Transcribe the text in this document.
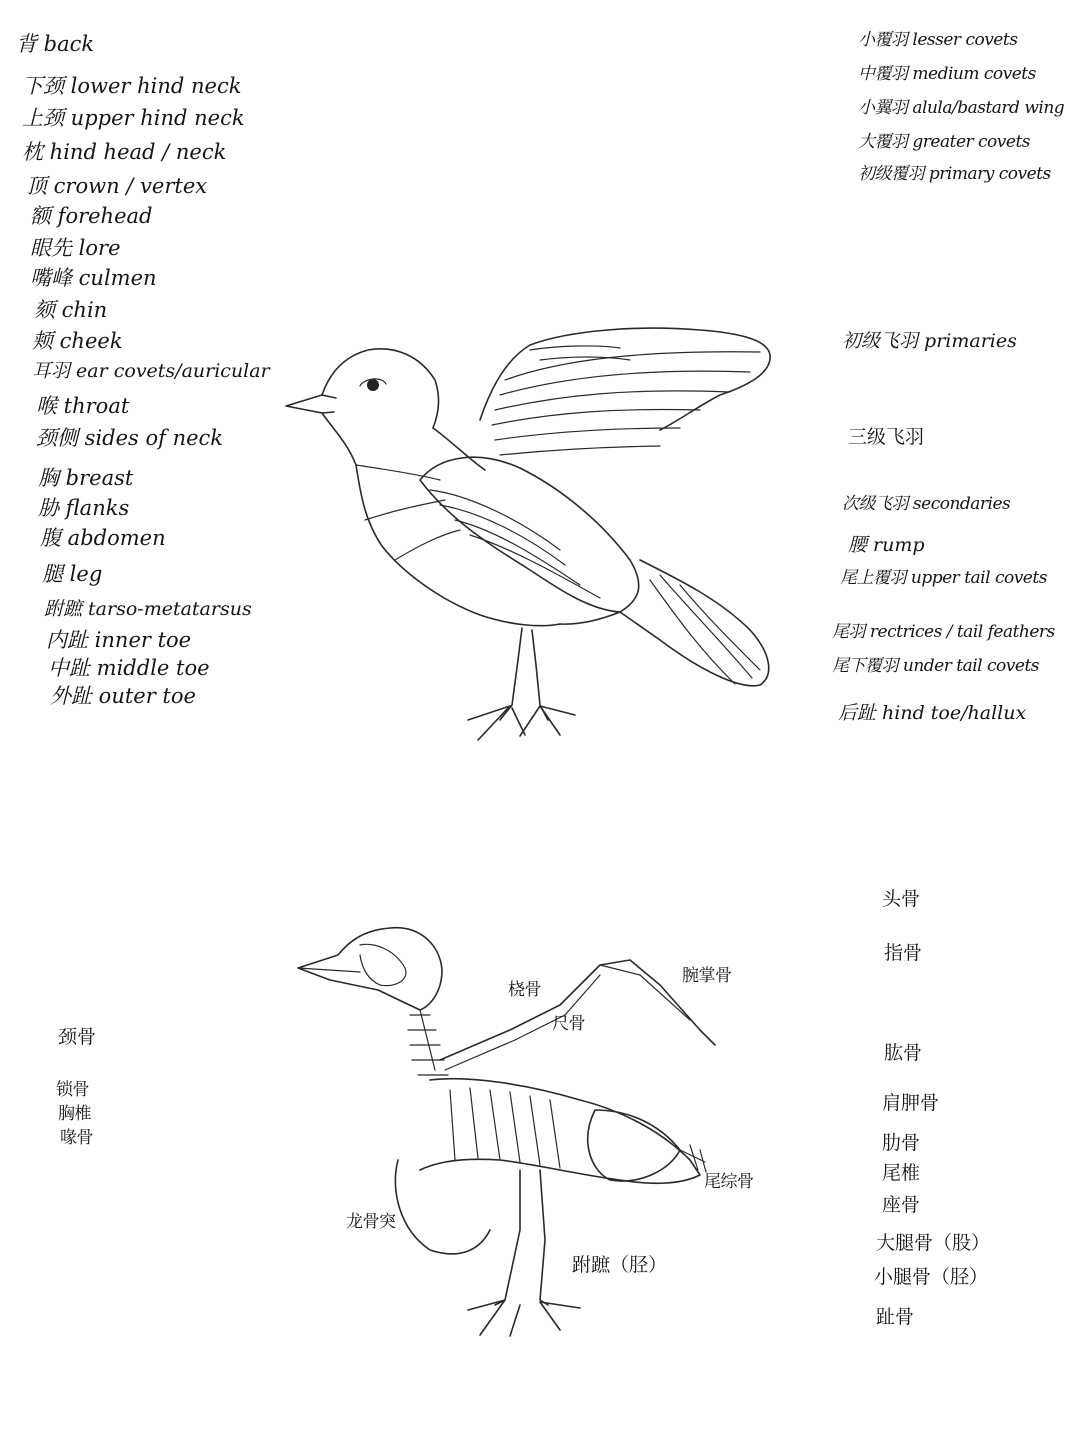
背 back
下颈 lower hind neck
上颈 upper hind neck
枕 hind head / neck
顶 crown / vertex
额 forehead
眼先 lore
嘴峰 culmen
颏 chin
颊 cheek
耳羽 ear covets/auricular
喉 throat
颈侧 sides of neck
胸 breast
胁 flanks
腹 abdomen
腿 leg
跗蹠 tarso-metatarsus
内趾 inner toe
中趾 middle toe
外趾 outer toe
小覆羽 lesser covets
中覆羽 medium covets
小翼羽 alula/bastard wing
大覆羽 greater covets
初级覆羽 primary covets
初级飞羽 primaries
三级飞羽
次级飞羽 secondaries
腰 rump
尾上覆羽 upper tail covets
尾羽 rectrices / tail feathers
尾下覆羽 under tail covets
后趾 hind toe/hallux
颈骨
锁骨
胸椎
喙骨
桡骨
尺骨
腕掌骨
尾综骨
龙骨突
跗蹠（胫）
头骨
指骨
肱骨
肩胛骨
肋骨
尾椎
座骨
大腿骨（股）
小腿骨（胫）
趾骨
